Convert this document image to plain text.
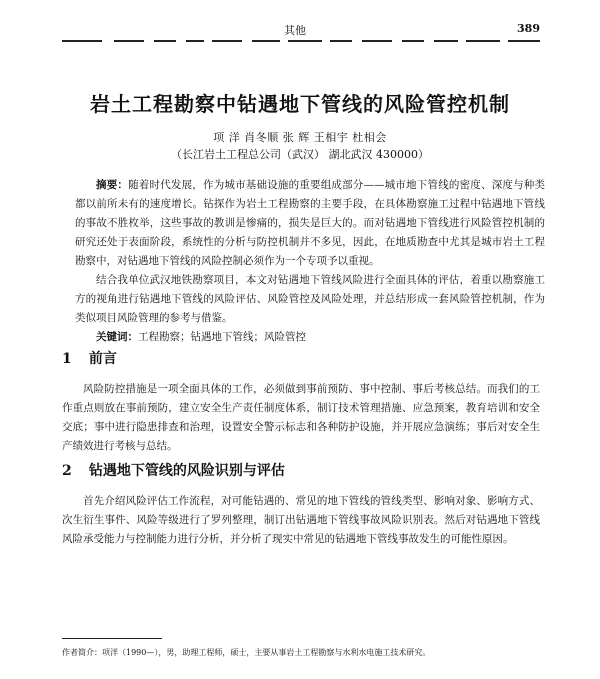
其他	389
岩土工程勘察中钻遇地下管线的风险管控机制
项 洋 肖冬顺 张 辉 王相宇 杜相会
（长江岩土工程总公司（武汉） 湖北武汉 430000）

摘要：随着时代发展，作为城市基础设施的重要组成部分——城市地下管线的密度、深度与种类都以前所未有的速度增长。钻探作为岩土工程勘察的主要手段，在具体勘察施工过程中钻遇地下管线的事故不胜枚举，这些事故的教训是惨痛的，损失是巨大的。而对钻遇地下管线进行风险管控机制的研究还处于表面阶段，系统性的分析与防控机制并不多见，因此，在地质勘查中尤其是城市岩土工程勘察中，对钻遇地下管线的风险控制必须作为一个专项予以重视。

结合我单位武汉地铁勘察项目，本文对钻遇地下管线风险进行全面具体的评估，着重以勘察施工方的视角进行钻遇地下管线的风险评估、风险管控及风险处理，并总结形成一套风险管控机制，作为类似项目风险管理的参考与借鉴。

关键词：工程勘察；钻遇地下管线；风险管控

1 前言

风险防控措施是一项全面具体的工作，必须做到事前预防、事中控制、事后考核总结。而我们的工作重点则放在事前预防，建立安全生产责任制度体系，制订技术管理措施、应急预案，教育培训和安全交底；事中进行隐患排查和治理，设置安全警示标志和各种防护设施，并开展应急演练；事后对安全生产绩效进行考核与总结。

2 钻遇地下管线的风险识别与评估

首先介绍风险评估工作流程，对可能钻遇的、常见的地下管线的管线类型、影响对象、影响方式、次生衍生事件、风险等级进行了罗列整理，制订出钻遇地下管线事故风险识别表。然后对钻遇地下管线风险承受能力与控制能力进行分析，并分析了现实中常见的钻遇地下管线事故发生的可能性原因。

作者简介：项洋（1990—），男，助理工程师，硕士，主要从事岩土工程勘察与水利水电施工技术研究。
